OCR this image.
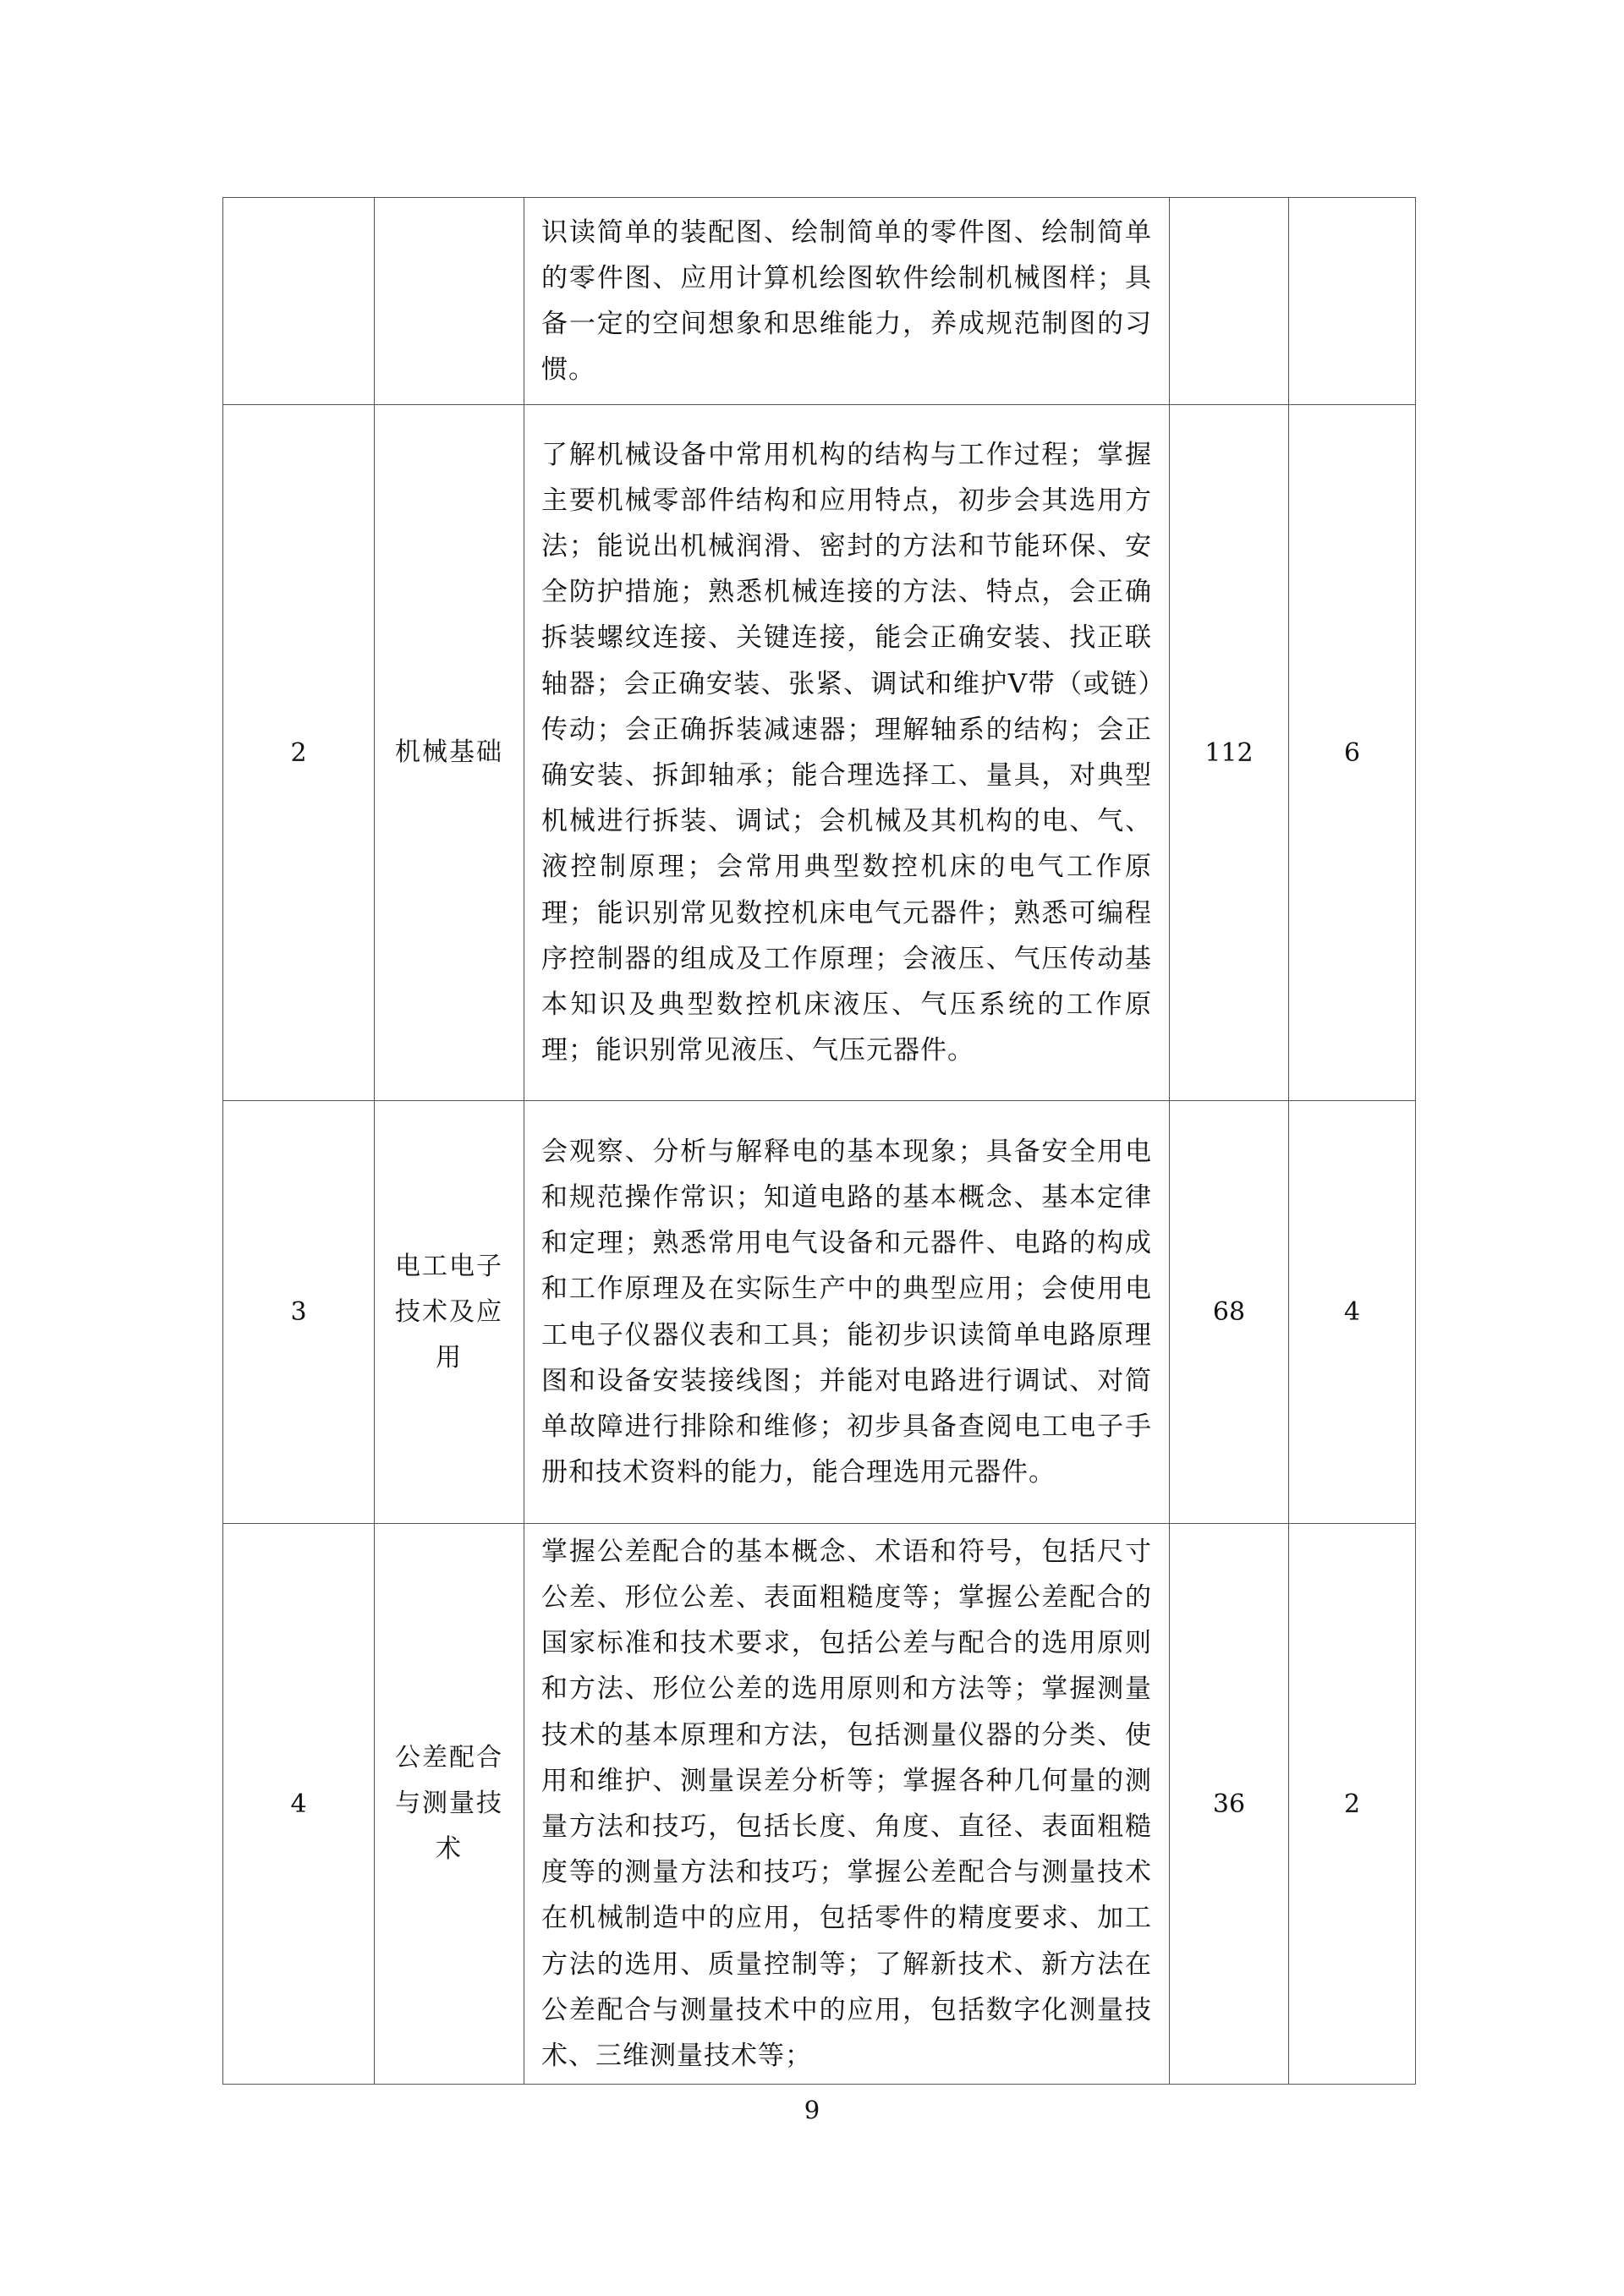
		识读简单的装配图、绘制简单的零件图、绘制简单的零件图、应用计算机绘图软件绘制机械图样；具备一定的空间想象和思维能力，养成规范制图的习惯。		

2	机械基础	了解机械设备中常用机构的结构与工作过程；掌握主要机械零部件结构和应用特点，初步会其选用方法；能说出机械润滑、密封的方法和节能环保、安全防护措施；熟悉机械连接的方法、特点，会正确拆装螺纹连接、关键连接，能会正确安装、找正联轴器；会正确安装、张紧、调试和维护V带（或链）传动；会正确拆装减速器；理解轴系的结构；会正确安装、拆卸轴承；能合理选择工、量具，对典型机械进行拆装、调试；会机械及其机构的电、气、液控制原理；会常用典型数控机床的电气工作原理；能识别常见数控机床电气元器件；熟悉可编程序控制器的组成及工作原理；会液压、气压传动基本知识及典型数控机床液压、气压系统的工作原理；能识别常见液压、气压元器件。	112	6
3	电工电子技术及应用	会观察、分析与解释电的基本现象；具备安全用电和规范操作常识；知道电路的基本概念、基本定律和定理；熟悉常用电气设备和元器件、电路的构成和工作原理及在实际生产中的典型应用；会使用电工电子仪器仪表和工具；能初步识读简单电路原理图和设备安装接线图；并能对电路进行调试、对简单故障进行排除和维修；初步具备查阅电工电子手册和技术资料的能力，能合理选用元器件。	68	4
4	公差配合与测量技术	掌握公差配合的基本概念、术语和符号，包括尺寸公差、形位公差、表面粗糙度等；掌握公差配合的国家标准和技术要求，包括公差与配合的选用原则和方法、形位公差的选用原则和方法等；掌握测量技术的基本原理和方法，包括测量仪器的分类、使用和维护、测量误差分析等；掌握各种几何量的测量方法和技巧，包括长度、角度、直径、表面粗糙度等的测量方法和技巧；掌握公差配合与测量技术在机械制造中的应用，包括零件的精度要求、加工方法的选用、质量控制等；了解新技术、新方法在公差配合与测量技术中的应用，包括数字化测量技术、三维测量技术等；	36	2
9
